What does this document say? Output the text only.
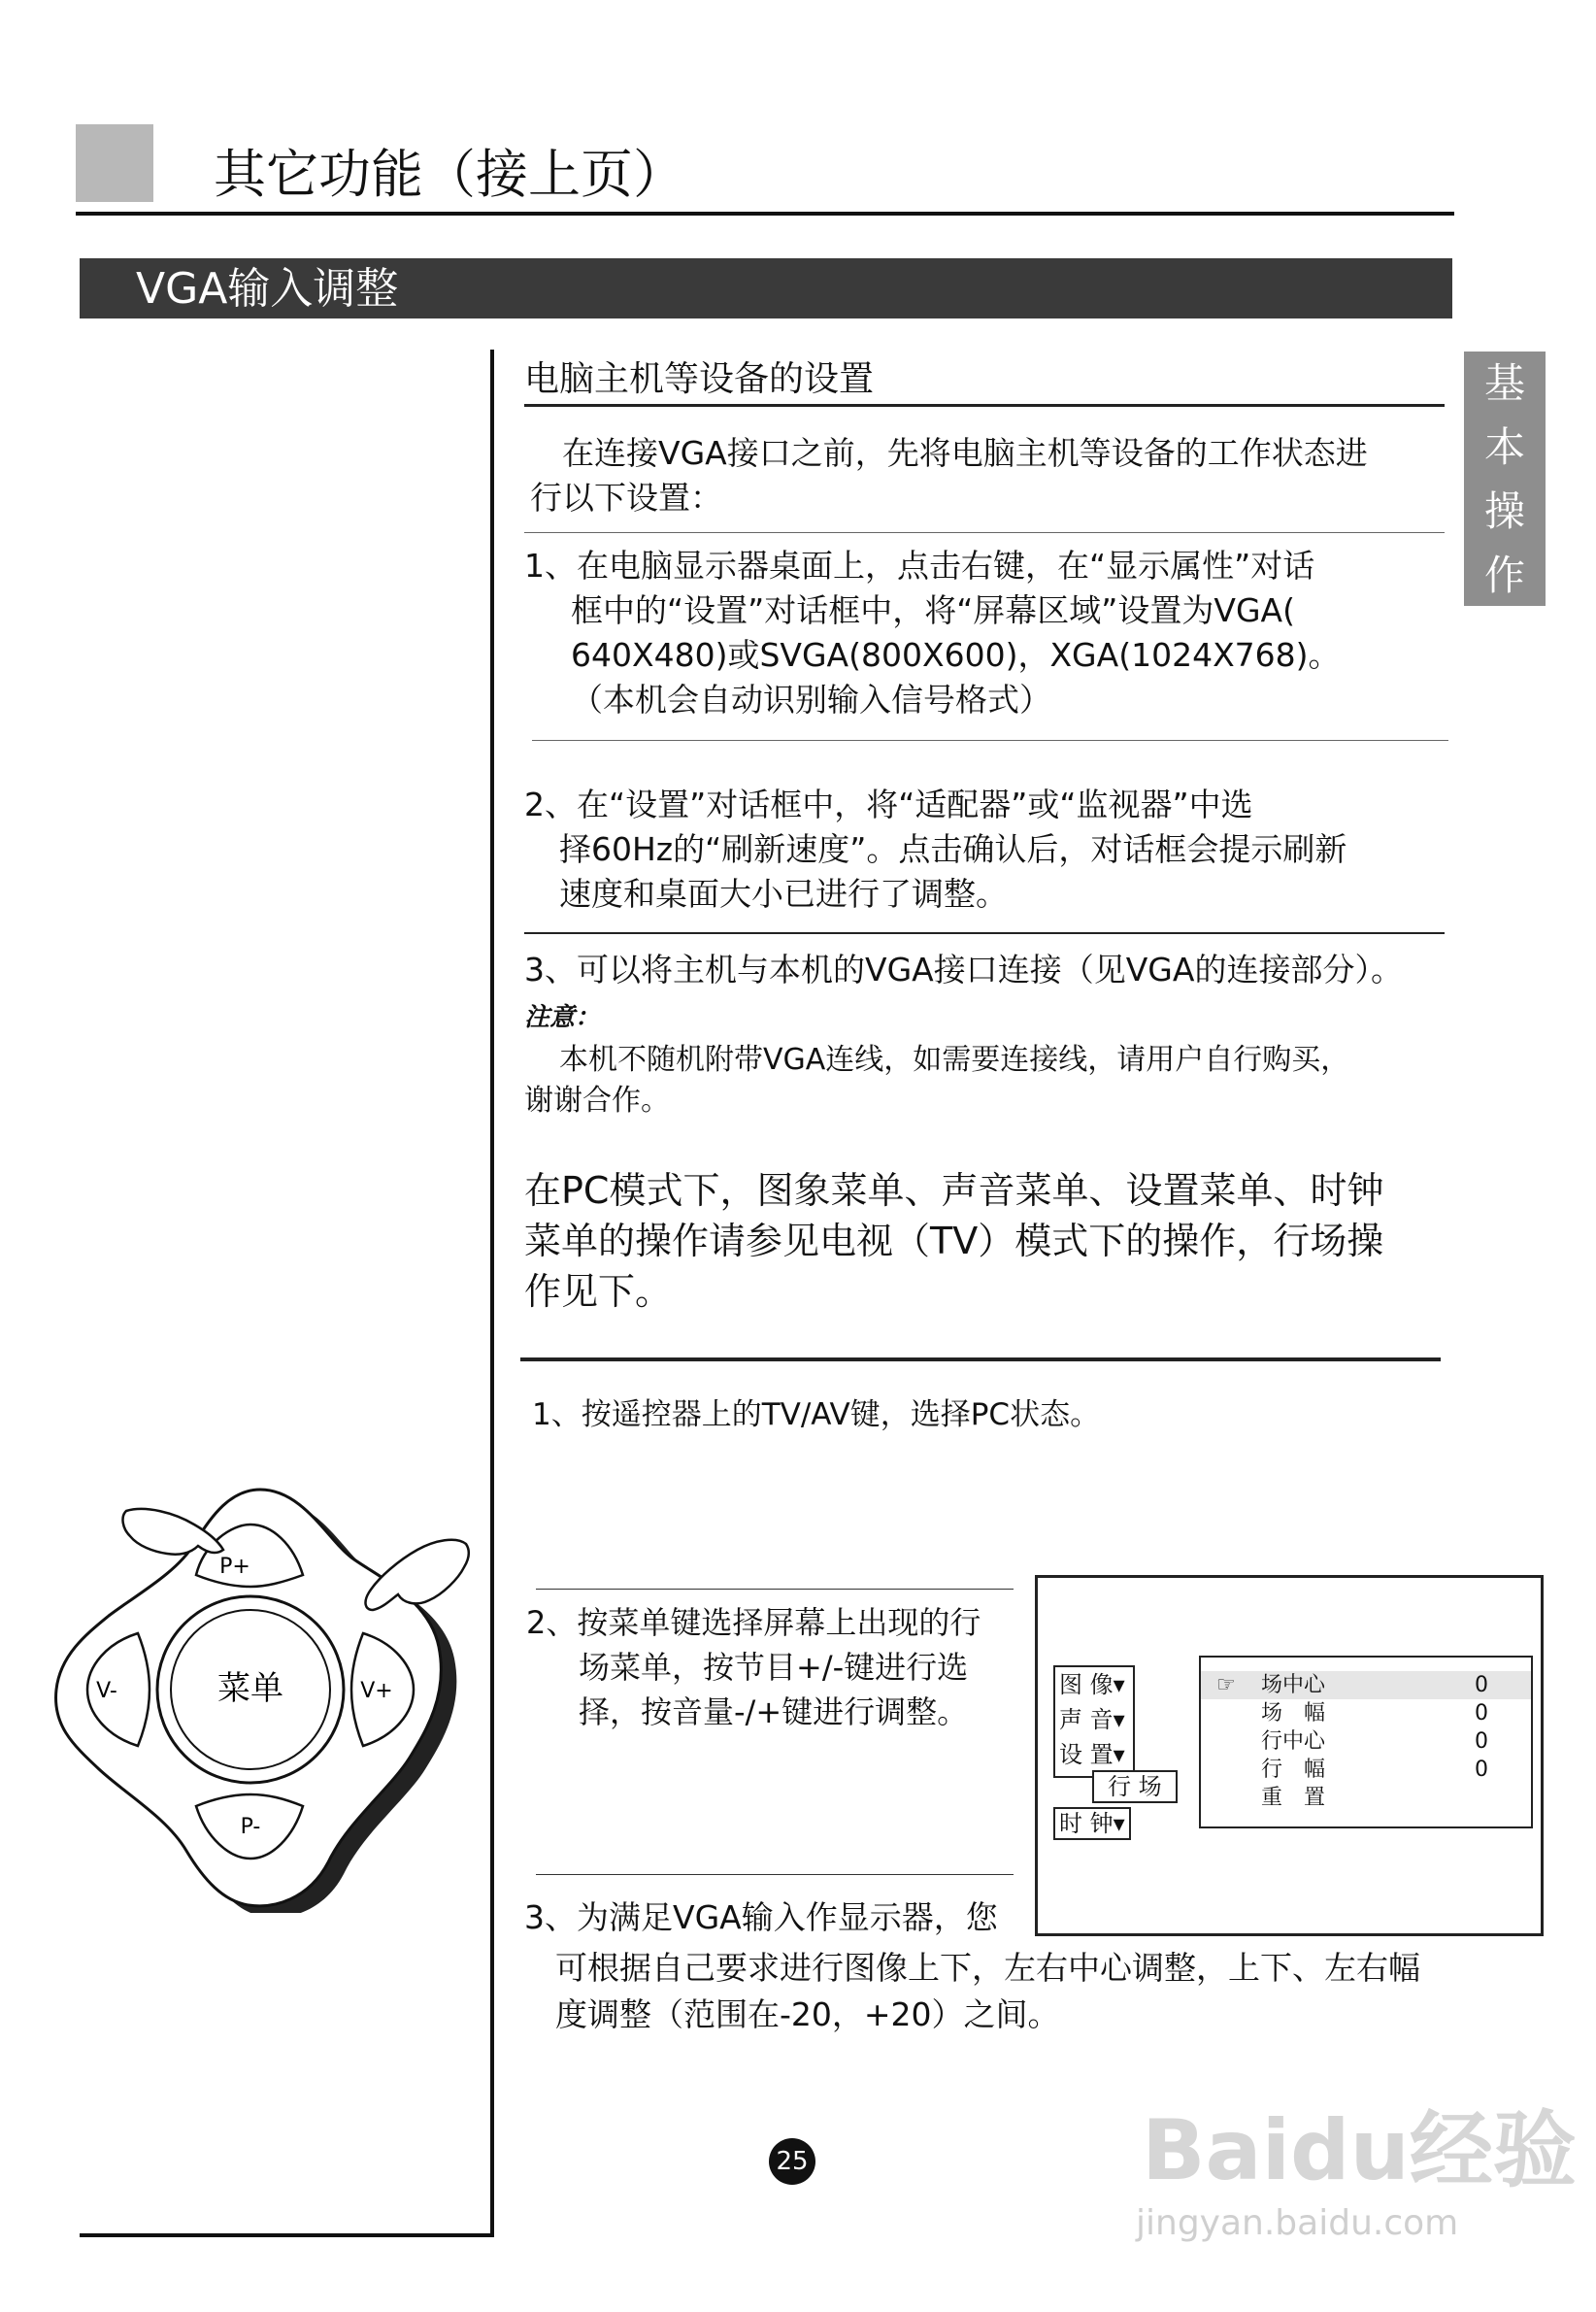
其它功能（接上页）
VGA输入调整
基
本
操
作
电脑主机等设备的设置
　在连接VGA接口之前，先将电脑主机等设备的工作状态进
行以下设置：
1、在电脑显示器桌面上，点击右键，在“显示属性”对话
框中的“设置”对话框中，将“屏幕区域”设置为VGA(
640X480)或SVGA(800X600)，XGA(1024X768)。
（本机会自动识别输入信号格式）
2、在“设置”对话框中，将“适配器”或“监视器”中选
择60Hz的“刷新速度”。点击确认后，对话框会提示刷新
速度和桌面大小已进行了调整。
3、可以将主机与本机的VGA接口连接（见VGA的连接部分）。
注意：
　本机不随机附带VGA连线，如需要连接线，请用户自行购买，
谢谢合作。
在PC模式下，图象菜单、声音菜单、设置菜单、时钟
菜单的操作请参见电视（TV）模式下的操作，行场操
作见下。
1、按遥控器上的TV/AV键，选择PC状态。
2、按菜单键选择屏幕上出现的行
场菜单，按节目+/-键进行选
择，按音量-/+键进行调整。
3、为满足VGA输入作显示器，您
可根据自己要求进行图像上下，左右中心调整，上下、左右幅
度调整（范围在-20，+20）之间。
图 像▾
声 音▾
设 置▾
行 场
时 钟▾
☞ 场中心	0
场　幅	0
行中心	0
行　幅	0
重　置
菜单
P+
P-
V-	V+
25	Baidu经验
jingyan.baidu.com
